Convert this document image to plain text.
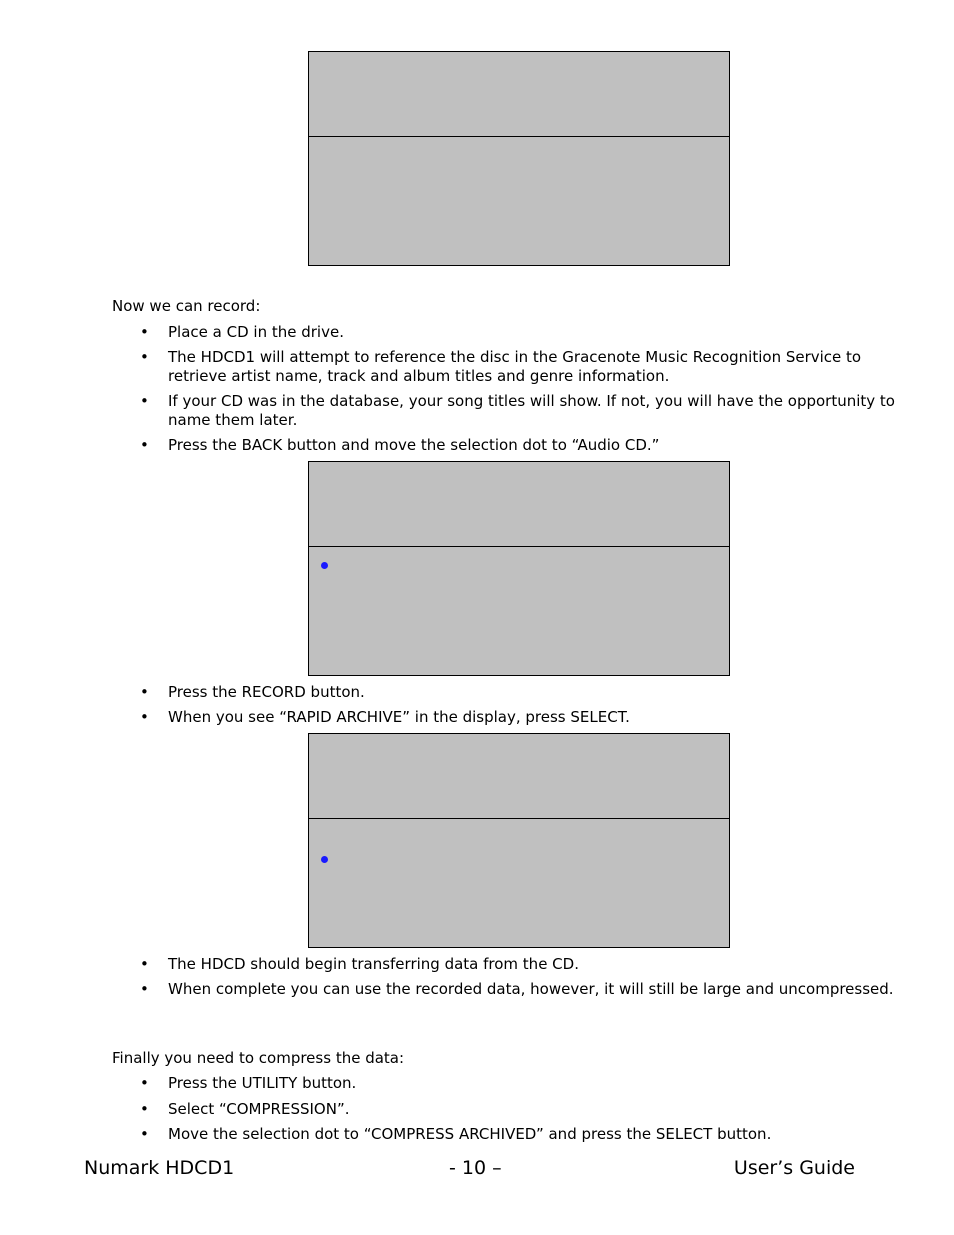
Now we can record:
•	Place a CD in the drive.
•	The HDCD1 will attempt to reference the disc in the Gracenote Music Recognition Service to retrieve artist name, track and album titles and genre information.
•	If your CD was in the database, your song titles will show. If not, you will have the opportunity to name them later.
•	Press the BACK button and move the selection dot to “Audio CD.”
•	Press the RECORD button.
•	When you see “RAPID ARCHIVE” in the display, press SELECT.
•	The HDCD should begin transferring data from the CD.
•	When complete you can use the recorded data, however, it will still be large and uncompressed.
Finally you need to compress the data:
•	Press the UTILITY button.
•	Select “COMPRESSION”.
•	Move the selection dot to “COMPRESS ARCHIVED” and press the SELECT button.
Numark HDCD1	- 10 –	User’s Guide
